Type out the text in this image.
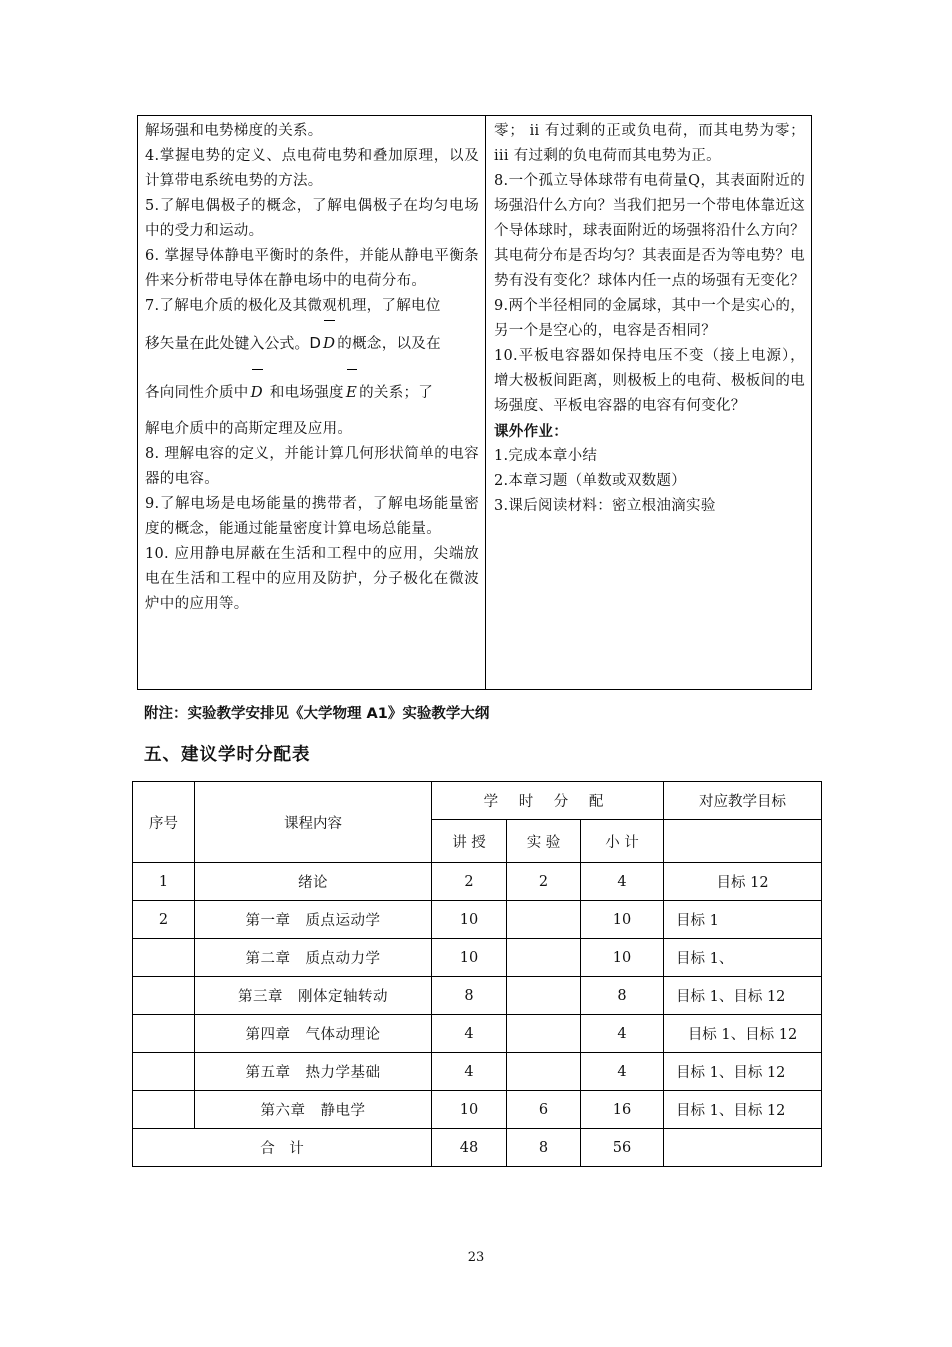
解场强和电势梯度的关系。

4.掌握电势的定义、点电荷电势和叠加原理，以及计算带电系统电势的方法。

5.了解电偶极子的概念，了解电偶极子在均匀电场中的受力和运动。

6. 掌握导体静电平衡时的条件，并能从静电平衡条件来分析带电导体在静电场中的电荷分布。

7.了解电介质的极化及其微观机理，了解电位

移矢量在此处键入公式。D D 的概念，以及在

各向同性介质中 D 和电场强度 E 的关系；了

解电介质中的高斯定理及应用。

8. 理解电容的定义，并能计算几何形状简单的电容器的电容。

9.了解电场是电场能量的携带者，了解电场能量密度的概念，能通过能量密度计算电场总能量。

10. 应用静电屏蔽在生活和工程中的应用，尖端放电在生活和工程中的应用及防护，分子极化在微波炉中的应用等。

零； ii 有过剩的正或负电荷，而其电势为零； iii 有过剩的负电荷而其电势为正。

8.一个孤立导体球带有电荷量Q，其表面附近的场强沿什么方向？当我们把另一个带电体靠近这个导体球时，球表面附近的场强将沿什么方向？其电荷分布是否均匀？其表面是否为等电势？电势有没有变化？球体内任一点的场强有无变化？

9.两个半径相同的金属球，其中一个是实心的，另一个是空心的，电容是否相同？

10.平板电容器如保持电压不变（接上电源），增大极板间距离，则极板上的电荷、极板间的电场强度、平板电容器的电容有何变化？

课外作业：

1.完成本章小结

2.本章习题（单数或双数题）

3.课后阅读材料：密立根油滴实验

附注：实验教学安排见《大学物理 A1》实验教学大纲
五、建议学时分配表
序号	课程内容	学 时 分 配			对应教学目标
		讲 授	实 验	小 计	
1	绪论	2	2	4	目标 12
2	第一章　质点运动学	10		10	目标 1
	第二章　质点动力学	10		10	目标 1、
	第三章　刚体定轴转动	8		8	目标 1、目标 12
	第四章　气体动理论	4		4	目标 1、目标 12
	第五章　热力学基础	4		4	目标 1、目标 12
	第六章　静电学	10	6	16	目标 1、目标 12
合　计		48	8	56	
23
